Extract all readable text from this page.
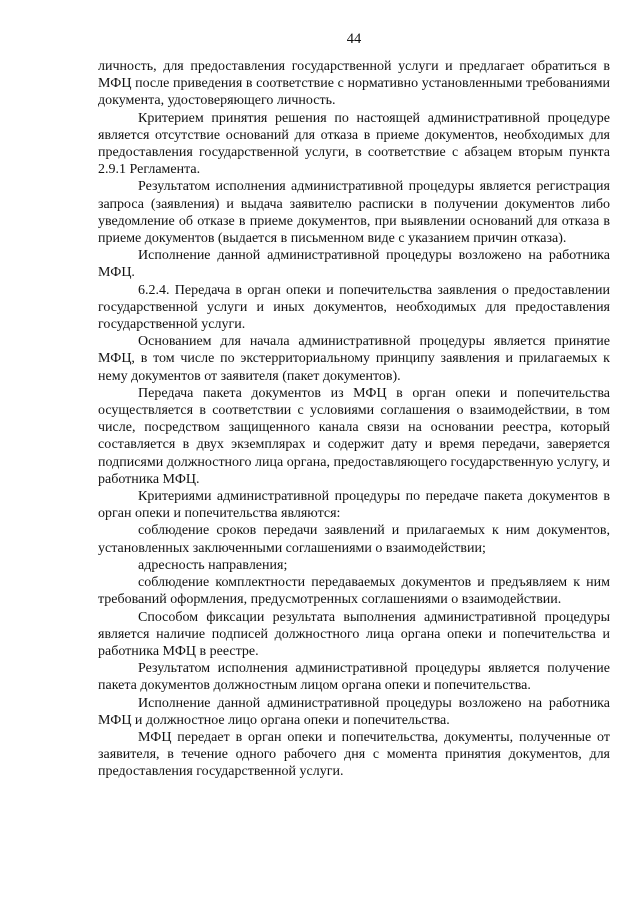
44

личность, для предоставления государственной услуги и предлагает обратиться в МФЦ после приведения в соответствие с нормативно установленными требованиями документа, удостоверяющего личность.

Критерием принятия решения по настоящей административной процедуре является отсутствие оснований для отказа в приеме документов, необходимых для предоставления государственной услуги, в соответствие с абзацем вторым пункта 2.9.1 Регламента.

Результатом исполнения административной процедуры является регистрация запроса (заявления) и выдача заявителю расписки в получении документов либо уведомление об отказе в приеме документов, при выявлении оснований для отказа в приеме документов (выдается в письменном виде с указанием причин отказа).

Исполнение данной административной процедуры возложено на работника МФЦ.

6.2.4. Передача в орган опеки и попечительства заявления о предоставлении государственной услуги и иных документов, необходимых для предоставления государственной услуги.

Основанием для начала административной процедуры является принятие МФЦ, в том числе по экстерриториальному принципу заявления и прилагаемых к нему документов от заявителя (пакет документов).

Передача пакета документов из МФЦ в орган опеки и попечительства осуществляется в соответствии с условиями соглашения о взаимодействии, в том числе, посредством защищенного канала связи на основании реестра, который составляется в двух экземплярах и содержит дату и время передачи, заверяется подписями должностного лица органа, предоставляющего государственную услугу, и работника МФЦ.

Критериями административной процедуры по передаче пакета документов в орган опеки и попечительства являются:

соблюдение сроков передачи заявлений и прилагаемых к ним документов, установленных заключенными соглашениями о взаимодействии;

адресность направления;

соблюдение комплектности передаваемых документов и предъявляем к ним требований оформления, предусмотренных соглашениями о взаимодействии.

Способом фиксации результата выполнения административной процедуры является наличие подписей должностного лица органа опеки и попечительства и работника МФЦ в реестре.

Результатом исполнения административной процедуры является получение пакета документов должностным лицом органа опеки и попечительства.

Исполнение данной административной процедуры возложено на работника МФЦ и должностное лицо органа опеки и попечительства.

МФЦ передает в орган опеки и попечительства, документы, полученные от заявителя, в течение одного рабочего дня с момента принятия документов, для предоставления государственной услуги.
